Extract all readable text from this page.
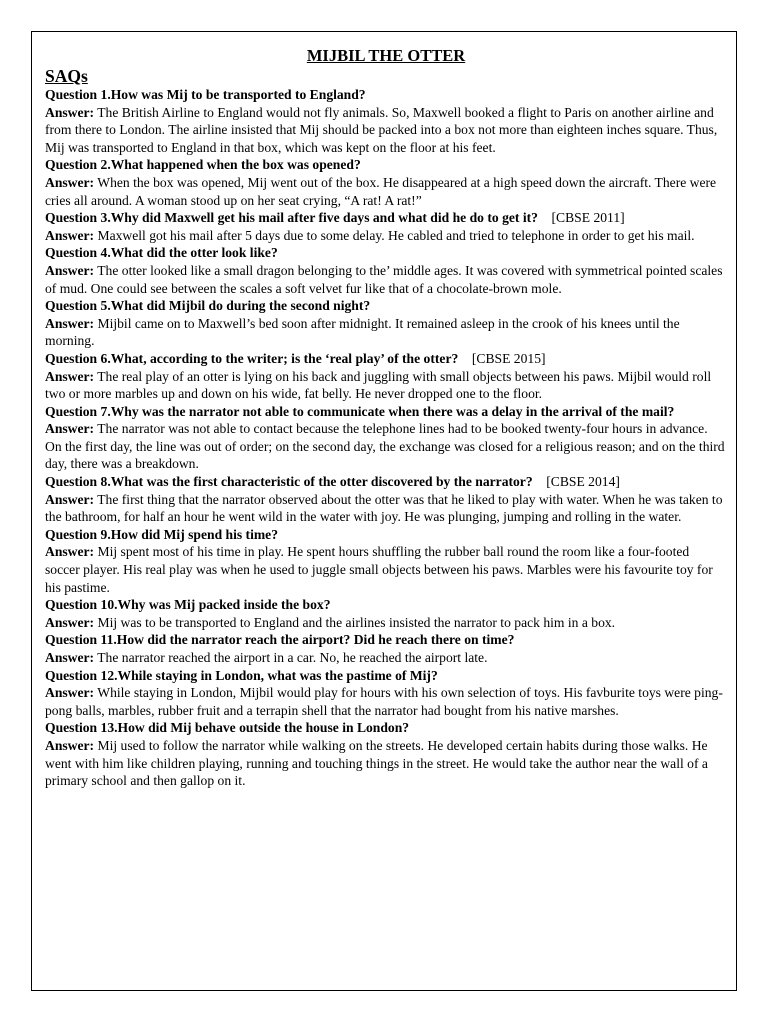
MIJBIL THE OTTER
SAQs

Question 1.How was Mij to be transported to England?

Answer: The British Airline to England would not fly animals. So, Maxwell booked a flight to Paris on another airline and from there to London. The airline insisted that Mij should be packed into a box not more than eighteen inches square. Thus, Mij was transported to England in that box, which was kept on the floor at his feet.

Question 2.What happened when the box was opened?

Answer: When the box was opened, Mij went out of the box. He disappeared at a high speed down the aircraft. There were cries all around. A woman stood up on her seat crying, “A rat! A rat!”

Question 3.Why did Maxwell get his mail after five days and what did he do to get it? [CBSE 2011]

Answer: Maxwell got his mail after 5 days due to some delay. He cabled and tried to telephone in order to get his mail.

Question 4.What did the otter look like?

Answer: The otter looked like a small dragon belonging to the’ middle ages. It was covered with symmetrical pointed scales of mud. One could see between the scales a soft velvet fur like that of a chocolate-brown mole.

Question 5.What did Mijbil do during the second night?

Answer: Mijbil came on to Maxwell’s bed soon after midnight. It remained asleep in the crook of his knees until the morning.

Question 6.What, according to the writer; is the ‘real play’ of the otter? [CBSE 2015]

Answer: The real play of an otter is lying on his back and juggling with small objects between his paws. Mijbil would roll two or more marbles up and down on his wide, fat belly. He never dropped one to the floor.

Question 7.Why was the narrator not able to communicate when there was a delay in the arrival of the mail?

Answer: The narrator was not able to contact because the telephone lines had to be booked twenty-four hours in advance. On the first day, the line was out of order; on the second day, the exchange was closed for a religious reason; and on the third day, there was a breakdown.

Question 8.What was the first characteristic of the otter discovered by the narrator? [CBSE 2014]

Answer: The first thing that the narrator observed about the otter was that he liked to play with water. When he was taken to the bathroom, for half an hour he went wild in the water with joy. He was plunging, jumping and rolling in the water.

Question 9.How did Mij spend his time?

Answer: Mij spent most of his time in play. He spent hours shuffling the rubber ball round the room like a four-footed soccer player. His real play was when he used to juggle small objects between his paws. Marbles were his favourite toy for his pastime.

Question 10.Why was Mij packed inside the box?

Answer: Mij was to be transported to England and the airlines insisted the narrator to pack him in a box.

Question 11.How did the narrator reach the airport? Did he reach there on time?

Answer: The narrator reached the airport in a car. No, he reached the airport late.

Question 12.While staying in London, what was the pastime of Mij?

Answer: While staying in London, Mijbil would play for hours with his own selection of toys. His favburite toys were ping-pong balls, marbles, rubber fruit and a terrapin shell that the narrator had bought from his native marshes.

Question 13.How did Mij behave outside the house in London?

Answer: Mij used to follow the narrator while walking on the streets. He developed certain habits during those walks. He went with him like children playing, running and touching things in the street. He would take the author near the wall of a primary school and then gallop on it.
